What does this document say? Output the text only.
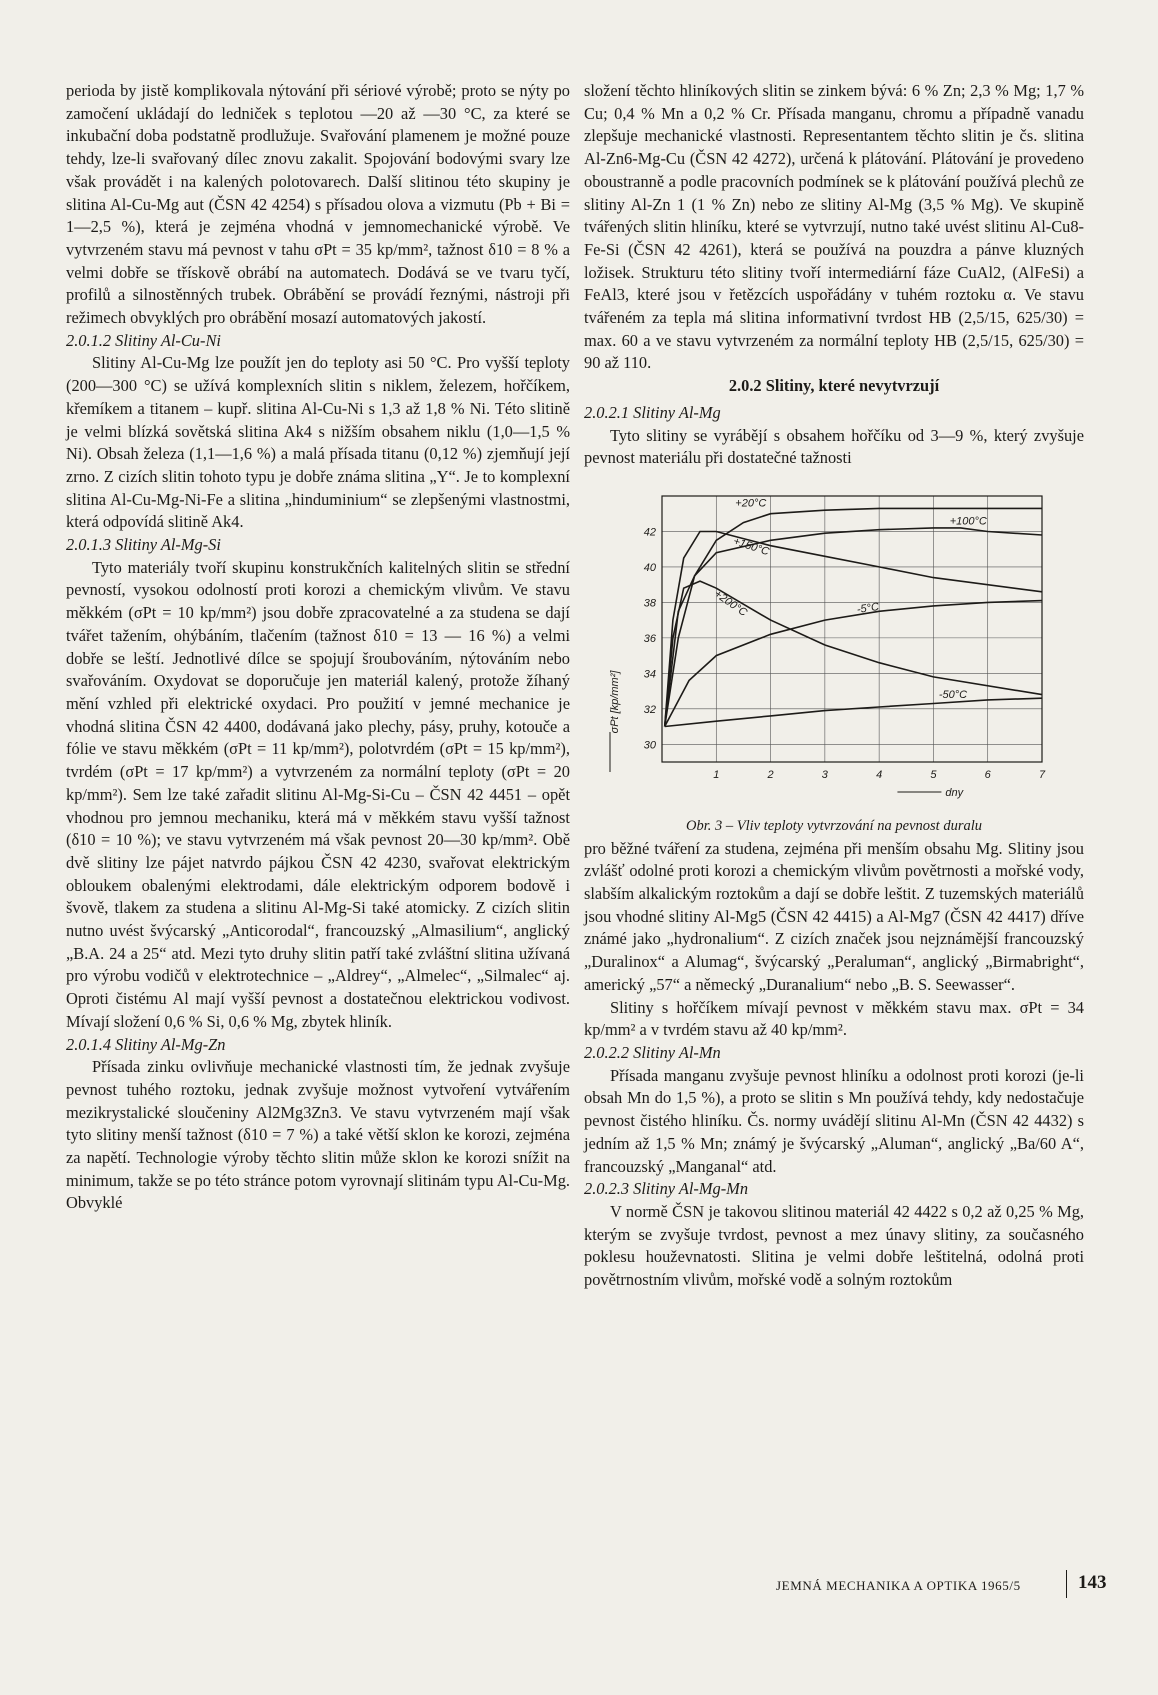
perioda by jistě komplikovala nýtování při sériové výrobě; proto se nýty po zamočení ukládají do ledniček s teplotou —20 až —30 °C, za které se inkubační doba podstatně prodlužuje. Svařování plamenem je možné pouze tehdy, lze-li svařovaný dílec znovu zakalit. Spojování bodovými svary lze však provádět i na kalených polotovarech. Další slitinou této skupiny je slitina Al-Cu-Mg aut (ČSN 42 4254) s přísadou olova a vizmutu (Pb + Bi = 1—2,5 %), která je zejména vhodná v jemnomechanické výrobě. Ve vytvrzeném stavu má pevnost v tahu σPt = 35 kp/mm², tažnost δ10 = 8 % a velmi dobře se třískově obrábí na automatech. Dodává se ve tvaru tyčí, profilů a silnostěnných trubek. Obrábění se provádí řeznými, nástroji při režimech obvyklých pro obrábění mosazí automatových jakostí.

2.0.1.2 Slitiny Al-Cu-Ni

Slitiny Al-Cu-Mg lze použít jen do teploty asi 50 °C. Pro vyšší teploty (200—300 °C) se užívá komplexních slitin s niklem, železem, hořčíkem, křemíkem a titanem – kupř. slitina Al-Cu-Ni s 1,3 až 1,8 % Ni. Této slitině je velmi blízká sovětská slitina Ak4 s nižším obsahem niklu (1,0—1,5 % Ni). Obsah železa (1,1—1,6 %) a malá přísada titanu (0,12 %) zjemňují její zrno. Z cizích slitin tohoto typu je dobře známa slitina „Y“. Je to komplexní slitina Al-Cu-Mg-Ni-Fe a slitina „hinduminium“ se zlepšenými vlastnostmi, která odpovídá slitině Ak4.

2.0.1.3 Slitiny Al-Mg-Si

Tyto materiály tvoří skupinu konstrukčních kalitelných slitin se střední pevností, vysokou odolností proti korozi a chemickým vlivům. Ve stavu měkkém (σPt = 10 kp/mm²) jsou dobře zpracovatelné a za studena se dají tvářet tažením, ohýbáním, tlačením (tažnost δ10 = 13 — 16 %) a velmi dobře se leští. Jednotlivé dílce se spojují šroubováním, nýtováním nebo svařováním. Oxydovat se doporučuje jen materiál kalený, protože žíhaný mění vzhled při elektrické oxydaci. Pro použití v jemné mechanice je vhodná slitina ČSN 42 4400, dodávaná jako plechy, pásy, pruhy, kotouče a fólie ve stavu měkkém (σPt = 11 kp/mm²), polotvrdém (σPt = 15 kp/mm²), tvrdém (σPt = 17 kp/mm²) a vytvrzeném za normální teploty (σPt = 20 kp/mm²). Sem lze také zařadit slitinu Al-Mg-Si-Cu – ČSN 42 4451 – opět vhodnou pro jemnou mechaniku, která má v měkkém stavu vyšší tažnost (δ10 = 10 %); ve stavu vytvrzeném má však pevnost 20—30 kp/mm². Obě dvě slitiny lze pájet natvrdo pájkou ČSN 42 4230, svařovat elektrickým obloukem obalenými elektrodami, dále elektrickým odporem bodově i švově, tlakem za studena a slitinu Al-Mg-Si také atomicky. Z cizích slitin nutno uvést švýcarský „Anticorodal“, francouzský „Almasilium“, anglický „B.A. 24 a 25“ atd. Mezi tyto druhy slitin patří také zvláštní slitina užívaná pro výrobu vodičů v elektrotechnice – „Aldrey“, „Almelec“, „Silmalec“ aj. Oproti čistému Al mají vyšší pevnost a dostatečnou elektrickou vodivost. Mívají složení 0,6 % Si, 0,6 % Mg, zbytek hliník.

2.0.1.4 Slitiny Al-Mg-Zn

Přísada zinku ovlivňuje mechanické vlastnosti tím, že jednak zvyšuje pevnost tuhého roztoku, jednak zvyšuje možnost vytvoření vytvářením mezikrystalické sloučeniny Al2Mg3Zn3. Ve stavu vytvrzeném mají však tyto slitiny menší tažnost (δ10 = 7 %) a také větší sklon ke korozi, zejména za napětí. Technologie výroby těchto slitin může sklon ke korozi snížit na minimum, takže se po této stránce potom vyrovnají slitinám typu Al-Cu-Mg. Obvyklé

složení těchto hliníkových slitin se zinkem bývá: 6 % Zn; 2,3 % Mg; 1,7 % Cu; 0,4 % Mn a 0,2 % Cr. Přísada manganu, chromu a případně vanadu zlepšuje mechanické vlastnosti. Representantem těchto slitin je čs. slitina Al-Zn6-Mg-Cu (ČSN 42 4272), určená k plátování. Plátování je provedeno oboustranně a podle pracovních podmínek se k plátování používá plechů ze slitiny Al-Zn 1 (1 % Zn) nebo ze slitiny Al-Mg (3,5 % Mg). Ve skupině tvářených slitin hliníku, které se vytvrzují, nutno také uvést slitinu Al-Cu8-Fe-Si (ČSN 42 4261), která se používá na pouzdra a pánve kluzných ložisek. Strukturu této slitiny tvoří intermediární fáze CuAl2, (AlFeSi) a FeAl3, které jsou v řetězcích uspořádány v tuhém roztoku α. Ve stavu tvářeném za tepla má slitina informativní tvrdost HB (2,5/15, 625/30) = max. 60 a ve stavu vytvrzeném za normální teploty HB (2,5/15, 625/30) = 90 až 110.

2.0.2 Slitiny, které nevytvrzují

2.0.2.1 Slitiny Al-Mg

Tyto slitiny se vyrábějí s obsahem hořčíku od 3—9 %, který zvyšuje pevnost materiálu při dostatečné tažnosti

1	2	3	4	5	6	7
30
32
34
36
38
40
42
σPt [kp/mm²]
dny
+20°C
+100°C
+150°C
+200°C	-5°C
-50°C

Obr. 3 – Vliv teploty vytvrzování na pevnost duralu

pro běžné tváření za studena, zejména při menším obsahu Mg. Slitiny jsou zvlášť odolné proti korozi a chemickým vlivům povětrnosti a mořské vody, slabším alkalickým roztokům a dají se dobře leštit. Z tuzemských materiálů jsou vhodné slitiny Al-Mg5 (ČSN 42 4415) a Al-Mg7 (ČSN 42 4417) dříve známé jako „hydronalium“. Z cizích značek jsou nejznámější francouzský „Duralinox“ a Alumag“, švýcarský „Peraluman“, anglický „Birmabright“, americký „57“ a německý „Duranalium“ nebo „B. S. Seewasser“.

Slitiny s hořčíkem mívají pevnost v měkkém stavu max. σPt = 34 kp/mm² a v tvrdém stavu až 40 kp/mm².

2.0.2.2 Slitiny Al-Mn

Přísada manganu zvyšuje pevnost hliníku a odolnost proti korozi (je-li obsah Mn do 1,5 %), a proto se slitin s Mn používá tehdy, kdy nedostačuje pevnost čistého hliníku. Čs. normy uvádějí slitinu Al-Mn (ČSN 42 4432) s jedním až 1,5 % Mn; známý je švýcarský „Aluman“, anglický „Ba/60 A“, francouzský „Manganal“ atd.

2.0.2.3 Slitiny Al-Mg-Mn

V normě ČSN je takovou slitinou materiál 42 4422 s 0,2 až 0,25 % Mg, kterým se zvyšuje tvrdost, pevnost a mez únavy slitiny, za současného poklesu houževnatosti. Slitina je velmi dobře leštitelná, odolná proti povětrnostním vlivům, mořské vodě a solným roztokům

JEMNÁ MECHANIKA A OPTIKA 1965/5	143
